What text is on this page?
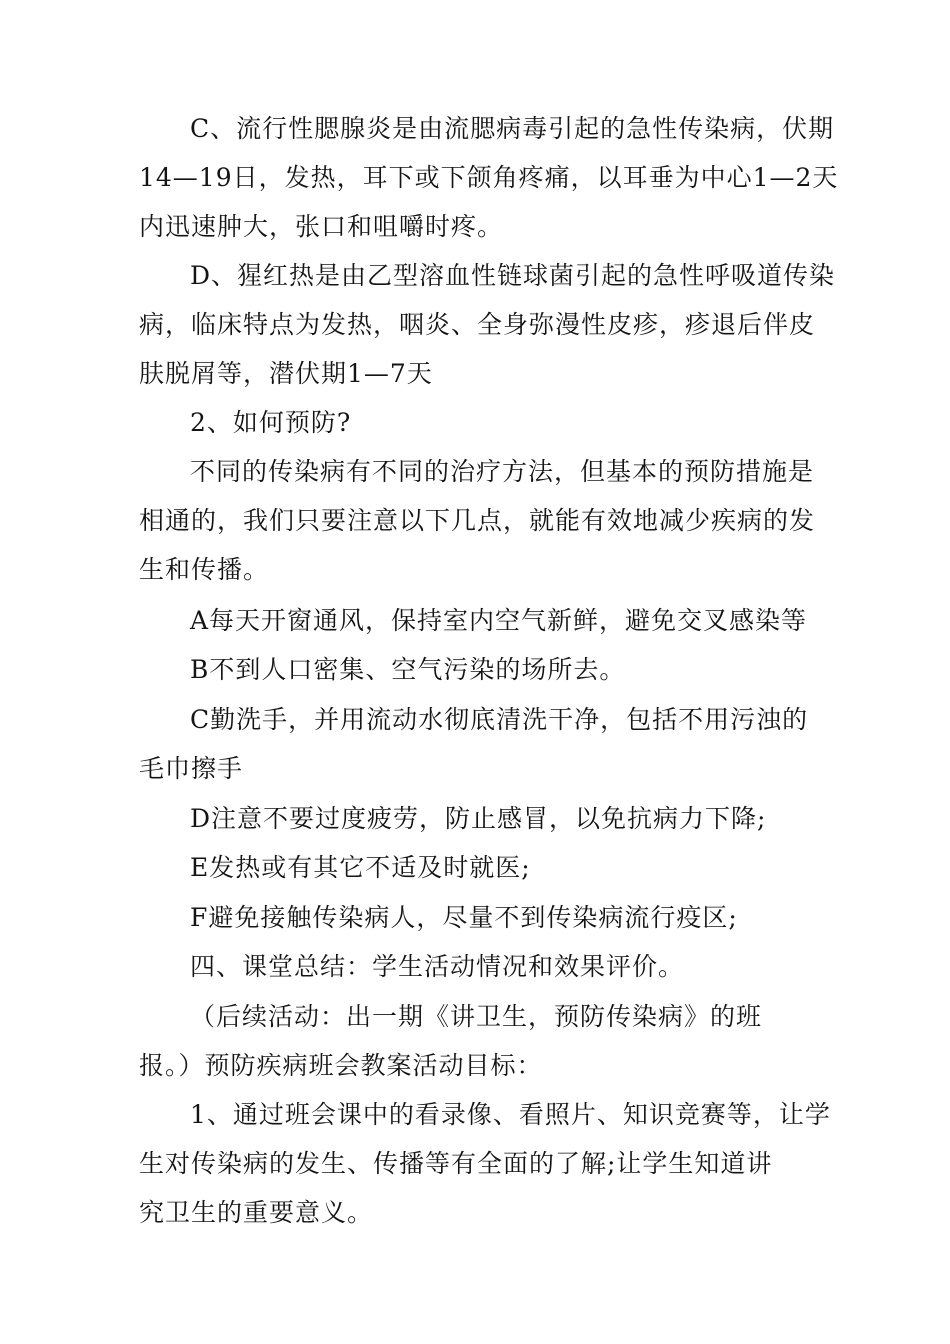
C、流行性腮腺炎是由流腮病毒引起的急性传染病，伏期
14—19日，发热，耳下或下颌角疼痛，以耳垂为中心1—2天
内迅速肿大，张口和咀嚼时疼。
D、猩红热是由乙型溶血性链球菌引起的急性呼吸道传染
病，临床特点为发热，咽炎、全身弥漫性皮疹，疹退后伴皮
肤脱屑等，潜伏期1—7天
2、如何预防?
不同的传染病有不同的治疗方法，但基本的预防措施是
相通的，我们只要注意以下几点，就能有效地减少疾病的发
生和传播。
A每天开窗通风，保持室内空气新鲜，避免交叉感染等
B不到人口密集、空气污染的场所去。
C勤洗手，并用流动水彻底清洗干净，包括不用污浊的
毛巾擦手
D注意不要过度疲劳，防止感冒，以免抗病力下降;
E发热或有其它不适及时就医;
F避免接触传染病人，尽量不到传染病流行疫区;
四、课堂总结：学生活动情况和效果评价。
（后续活动：出一期《讲卫生，预防传染病》的班
报。）预防疾病班会教案活动目标：
1、通过班会课中的看录像、看照片、知识竞赛等，让学
生对传染病的发生、传播等有全面的了解;让学生知道讲
究卫生的重要意义。
